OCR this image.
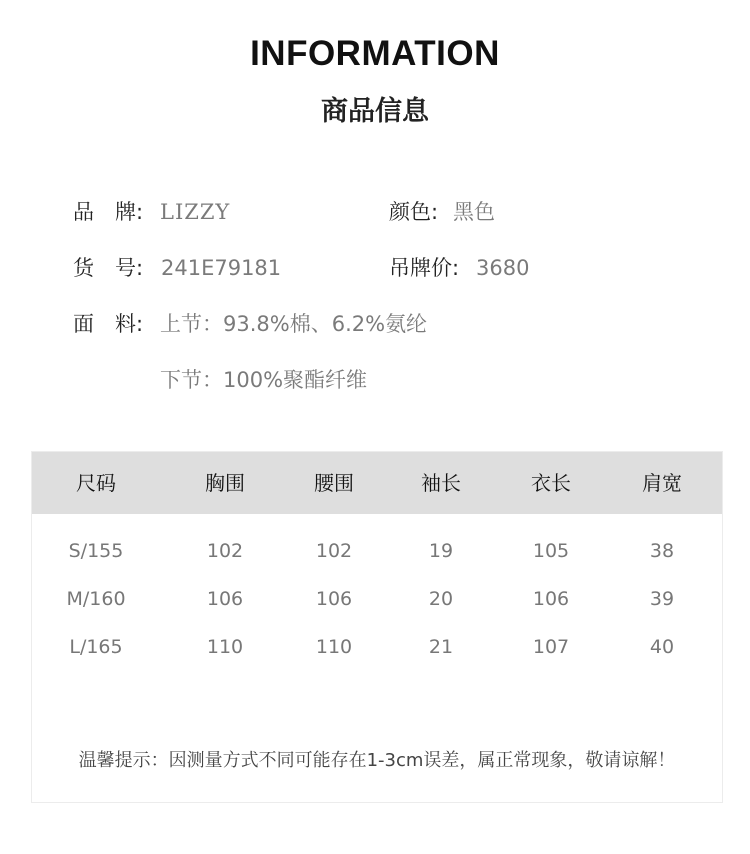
INFORMATION
商品信息
品　牌: LIZZY	颜色: 黑色
货　号: 241E79181	吊牌价: 3680
面　料: 上节：93.8%棉、6.2%氨纶
下节：100%聚酯纤维
尺码	胸围	腰围	袖长	衣长	肩宽
S/155	102	102	19	105	38
M/160	106	106	20	106	39
L/165	110	110	21	107	40
温馨提示：因测量方式不同可能存在1-3cm误差，属正常现象，敬请谅解！
